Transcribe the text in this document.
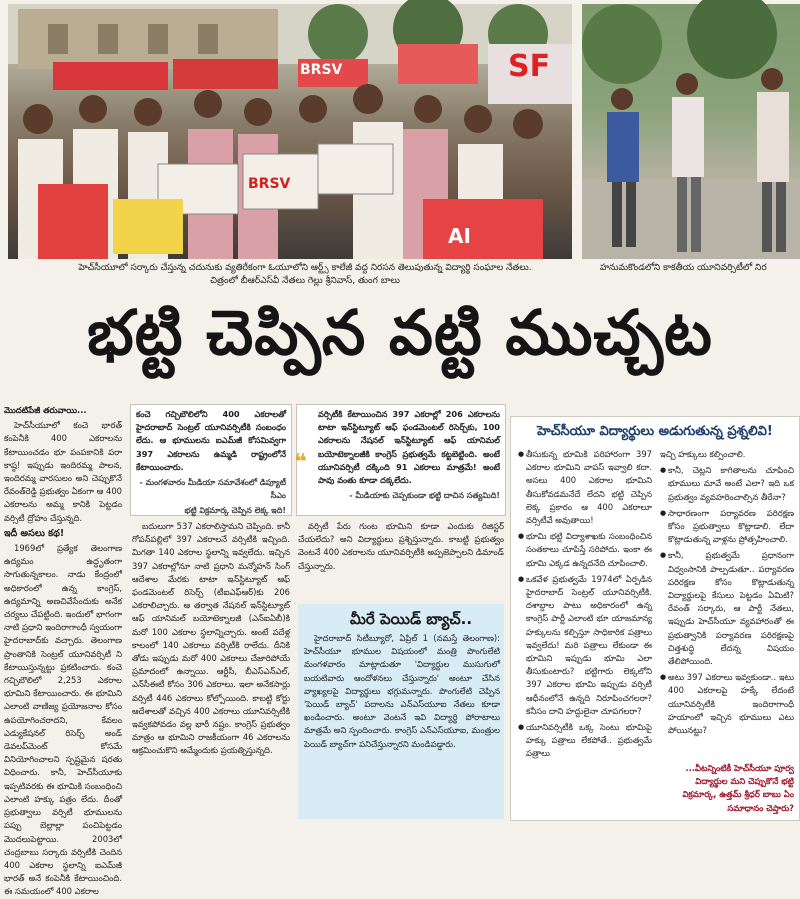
BRSV
BRSV
SF
AI
హెచ్‌సీయూలో సర్కారు చేస్తున్న చదునుకు వ్యతిరేకంగా ఓయూలోని ఆర్ట్స్ కాలేజీ వద్ద నిరసన తెలుపుతున్న విద్యార్థి సంఘాల నేతలు.
చిత్రంలో బీఆర్ఎస్‌వీ నేతలు గెల్లు శ్రీనివాస్, తుంగ బాలు
హనుమకొండలోని కాకతీయ యూనివర్సిటీలో నిర
భట్టి చెప్పిన వట్టి ముచ్చట

మొదటిపేజీ తరువాయి...

హెచ్‌సీయూలో కంచె భారత్ కంపెనీకి 400 ఎకరాలను కేటాయించడం భూ పంపకానికి పరా కాష్ఠ! ఇప్పుడు ఇందిరమ్మ పాలన, ఇందిరమ్మ వారసులం అని చెప్పుకొనే రేవంత్‌రెడ్డి ప్రభుత్వం ఏకంగా ఆ 400 ఎకరాలను అమ్మ కానికి పెట్టడం వర్సిటీ ద్రోహం చేస్తున్నది.

ఇదీ అసలు కథ!

1969లో ప్రత్యేక తెలంగాణ ఉద్యమం ఉద్ధృతంగా సాగుతున్నకాలం. నాడు కేంద్రంలో అధికారంలో ఉన్న కాంగ్రెస్, ఉద్యమాన్ని అణచివేసేందుకు అనేక చర్యలు చేపట్టింది. ఇందులో భాగంగా నాటి ప్రధాని ఇందిరాగాంధీ స్వయంగా హైదరాబాద్‌కు వచ్చారు. తెలంగాణ ప్రాంతానికి సెంట్రల్ యూనివర్సిటీ ని కేటాయిస్తున్నట్టు ప్రకటించారు. కంచె గచ్చిబౌలిలో 2,253 ఎకరాల భూమిని కేటాయించారు. ఈ భూమిని ఎలాంటి వాణిజ్య ప్రయోజనాల కోసం ఉపయోగించరాదని, కేవలం ఎడ్యుకేషనల్ రిసెర్చ్ అండ్ డెవలప్‌మెంట్ కోసమే వినియోగించాలని స్పష్టమైన షరతు విధించారు. కానీ, హెచ్‌సీయూకు ఇప్పటివరకు ఈ భూమికి సంబంధించి ఎలాంటి హక్కు పత్రం లేదు. దీంతో ప్రభుత్వాలు వర్సిటీ భూములను పప్పు బెల్లాల్లా పంచిపెట్టడం మొదలుపెట్టాయి. 2003లో చంద్రబాబు సర్కారు వర్సిటీకి చెందిన 400 ఎకరాల స్థలాన్ని ఐఎమ్‌జీ భారత్ అనే కంపెనీకి కేటాయించింది. ఈ సమయంలో 400 ఎకరాల

కంచె గచ్చిబౌలిలోని 400 ఎకరాలతో హైదరాబాద్ సెంట్రల్ యూనివర్సిటీకి సంబంధం లేదు. ఆ భూములను ఐఎమ్‌జీ కోసమివ్వగా 397 ఎకరాలను ఉమ్మడి రాష్ట్రంలోనే కేటాయించారు.

- మంగళవారం మీడియా సమావేశంలో డిప్యూటీ సీఎం

భట్టి విక్రమార్క చెప్పిన లెక్క ఇది!

బదులుగా 537 ఎకరాలిస్తామని చెప్పింది. కానీ గోపన్‌పల్లిలో 397 ఎకరాలనే వర్సిటీకి ఇచ్చింది. మిగతా 140 ఎకరాల స్థలాన్ని ఇవ్వలేదు. ఇచ్చిన 397 ఎకరాల్లోనూ నాటి ప్రధాని మన్మోహన్ సింగ్ ఆదేశాల మేరకు టాటా ఇన్‌స్టిట్యూట్ ఆఫ్ ఫండమెంటల్ రిసెర్చ్ (టీఐఎఫ్‌ఆర్)కు 206 ఎకరాలిచ్చారు. ఆ తర్వాత నేషనల్ ఇన్‌స్టిట్యూట్ ఆఫ్ యానిమల్ బయోటెక్నాలజీ (ఎన్‌ఐఏబీ)కి మరో 100 ఎకరాల స్థలాన్నిచ్చారు. అంటే పదేళ్ల కాలంలో 140 ఎకరాలు వర్సిటీకి రాలేదు. దీనికి తోడు ఇప్పుడు మరో 400 ఎకరాలు చేజారిపోయే ప్రమాదంలో ఉన్నాయి. ఆర్టీసీ, బీఎస్ఎన్ఎల్, ఎన్‌సీఈటీ కోసం 306 ఎకరాలు. ఇలా అనేకసార్లు వర్సిటీ 446 ఎకరాలు కోల్పోయింది. కాబట్టి కోర్టు ఆదేశాలతో వచ్చిన 400 ఎకరాలు యూనివర్సిటీకి ఇవ్వకపోవడం వల్ల భారీ నష్టం. కాంగ్రెస్ ప్రభుత్వం మాత్రం ఆ భూమిని రాజకీయంగా 46 ఎకరాలను ఆక్రమించుకొని అమ్మేందుకు ప్రయత్నిస్తున్నది.

❝

వర్సిటీకి కేటాయించిన 397 ఎకరాల్లో 206 ఎకరాలను టాటా ఇన్‌స్టిట్యూట్ ఆఫ్ ఫండమెంటల్ రిసెర్చ్‌కు, 100 ఎకరాలను నేషనల్ ఇన్‌స్టిట్యూట్ ఆఫ్ యానిమల్ బయోటెక్నాలజీకి కాంగ్రెస్ ప్రభుత్వమే కట్టబెట్టింది. అంటే యూనివర్సిటీ దక్కింది 91 ఎకరాలు మాత్రమే! అంటే పావు వంతు కూడా దక్కలేదు.

- మీడియాకు చెప్పకుండా భట్టి దాచిన సత్యమిది!

వర్సిటీ పేరు గుంట భూమిని కూడా ఎందుకు రిజిస్టర్ చేయలేదు? అని విద్యార్థులు ప్రశ్నిస్తున్నారు. కాబట్టి ప్రభుత్వం వెంటనే 400 ఎకరాలను యూనివర్సిటీకి అప్పజెప్పాలని డిమాండ్ చేస్తున్నారు.

మీరే పెయిడ్ బ్యాచ్..

హైదరాబాద్ సిటీబ్యూరో, ఏప్రిల్ 1 (నమస్తే తెలంగాణ): హెచ్‌సీయూ భూముల విషయంలో మంత్రి పొంగులేటి మంగళవారం మాట్లాడుతూ 'విద్యార్థుల ముసుగులో బయటివారు ఆందోళనలు చేస్తున్నారు' అంటూ చేసిన వ్యాఖ్యలపై విద్యార్థులు భగ్గుమన్నారు. పొంగులేటి చెప్పిన 'పెయిడ్ బ్యాచ్' పదాలను ఎన్ఎస్‌యూఐ నేతలు కూడా ఖండించారు. అంటూ వెంటనే ఇవి విద్యార్థి పోరాటాలు మాత్రమే అని స్పందించారు. కాంగ్రెస్ ఎన్ఎస్‌యూఐ, మంత్రుల పెయిడ్ బ్యాచ్‌గా పనిచేస్తున్నారని మండిపడ్డారు.

హెచ్‌సీయూ విద్యార్థులు అడుగుతున్న ప్రశ్నలివి!
● తీసుకున్న భూమికి పరిహారంగా 397 ఎకరాల భూమిని వాపస్ ఇవ్వాలి కదా. అసలు 400 ఎకరాల భూమిని తీసుకోవడమనేదే లేదని భట్టి చెప్పిన లెక్క ప్రకారం ఆ 400 ఎకరాలూ వర్సిటీవే అవుతాయి!
● భూమి భట్టి విద్యాశాఖకు సంబంధించిన సంతకాలు చూపిస్తే సరిపోదు. ఇంకా ఈ భూమి ఎక్కడ ఉన్నదనేది చూపించాలి.
● ఒకవేళ ప్రభుత్వమే 1974లో ఏర్పడిన హైదరాబాద్ సెంట్రల్ యూనివర్సిటీకి. దశాబ్దాల పాటు అధికారంలో ఉన్న కాంగ్రెస్ పార్టీ ఎలాంటి భూ యాజమాన్య హక్కులను కల్పిస్తూ సాధికారిక పత్రాలు ఇవ్వలేదు! మరి పత్రాలు లేకుండా ఈ భూమిని ఇప్పుడు భూమి ఎలా తీసుకుంటారు? భట్టిగారు లెక్కలోని 397 ఎకరాల భూమి ఇప్పుడు వర్సిటీ ఆధీనంలోనే ఉన్నది నిరూపించగలరా? కనీసం దాని హద్దులైనా చూపగలరా?
● యూనివర్సిటీకి ఒక్క సెంటు భూమిపై హక్కు పత్రాలు లేకపోతే.. ప్రభుత్వమే పత్రాలు
ఇచ్చి హక్కులు కల్పించాలి.
● కానీ, చెట్లని కాగితాలను చూపించి భూములు మావే అంటే ఎలా? ఇది ఒక ప్రభుత్వం వ్యవహరించాల్సిన తీరేనా?
● సాధారణంగా పర్యావరణ పరిరక్షణ కోసం ప్రభుత్వాలు కొట్లాడాలి. లేదా కొట్లాడుతున్న వాళ్లను ప్రోత్సహించాలి.
● కానీ, ప్రభుత్వమే ప్రధానంగా విధ్వంసానికి పాల్పడుతూ.. పర్యావరణ పరిరక్షణ కోసం కొట్లాడుతున్న విద్యార్థులపై కేసులు పెట్టడం ఏమిటి? రేవంత్ సర్కారు, ఆ పార్టీ నేతలు, ఇప్పుడు హెచ్‌సీయూ వ్యవహారంతో ఈ ప్రభుత్వానికి పర్యావరణ పరిరక్షణపై చిత్తశుద్ధి లేదన్న విషయం తేలిపోయింది.
● అటు 397 ఎకరాలు ఇవ్వకుండా.. ఇటు 400 ఎకరాలపై హక్కే లేదంటే యూనివర్సిటీకి ఇందిరాగాంధీ హయాంలో ఇచ్చిన భూములు ఎటు పోయినట్టు?
...వీటన్నింటికీ హెచ్‌సీయూ పూర్వ విద్యార్థుల మని చెప్పుకొనే భట్టి విక్రమార్క, ఉత్తమ్ శ్రీధర్ బాబు ఏం సమాధానం చెప్తారు?
